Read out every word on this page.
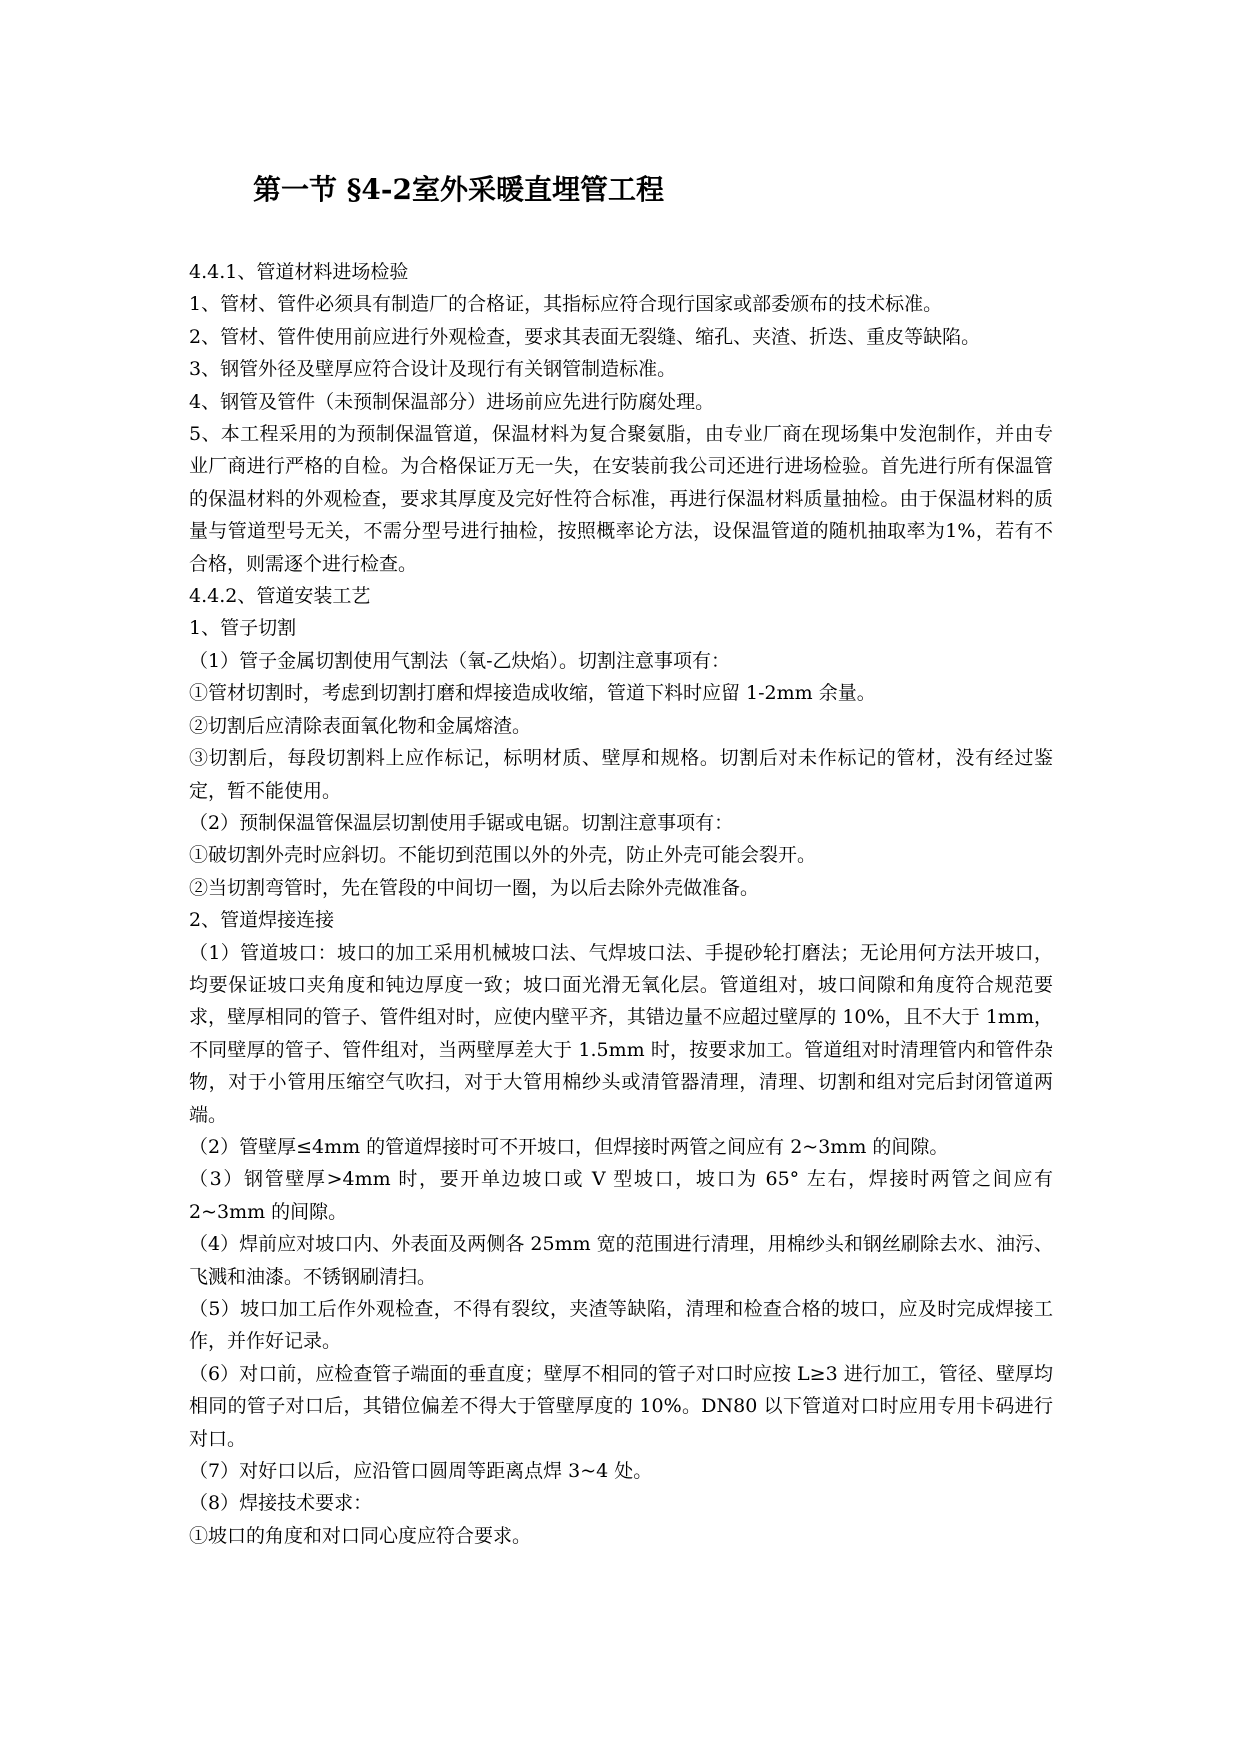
第一节 §4-2室外采暖直埋管工程

4.4.1、管道材料进场检验

1、管材、管件必须具有制造厂的合格证，其指标应符合现行国家或部委颁布的技术标准。

2、管材、管件使用前应进行外观检查，要求其表面无裂缝、缩孔、夹渣、折迭、重皮等缺陷。

3、钢管外径及壁厚应符合设计及现行有关钢管制造标准。

4、钢管及管件（未预制保温部分）进场前应先进行防腐处理。

5、本工程采用的为预制保温管道，保温材料为复合聚氨脂，由专业厂商在现场集中发泡制作，并由专业厂商进行严格的自检。为合格保证万无一失，在安装前我公司还进行进场检验。首先进行所有保温管的保温材料的外观检查，要求其厚度及完好性符合标准，再进行保温材料质量抽检。由于保温材料的质量与管道型号无关，不需分型号进行抽检，按照概率论方法，设保温管道的随机抽取率为1%，若有不合格，则需逐个进行检查。

4.4.2、管道安装工艺

1、管子切割

（1）管子金属切割使用气割法（氧-乙炔焰）。切割注意事项有：

①管材切割时，考虑到切割打磨和焊接造成收缩，管道下料时应留 1-2mm 余量。

②切割后应清除表面氧化物和金属熔渣。

③切割后，每段切割料上应作标记，标明材质、壁厚和规格。切割后对未作标记的管材，没有经过鉴定，暂不能使用。

（2）预制保温管保温层切割使用手锯或电锯。切割注意事项有：

①破切割外壳时应斜切。不能切到范围以外的外壳，防止外壳可能会裂开。

②当切割弯管时，先在管段的中间切一圈，为以后去除外壳做准备。

2、管道焊接连接

（1）管道坡口：坡口的加工采用机械坡口法、气焊坡口法、手提砂轮打磨法；无论用何方法开坡口，均要保证坡口夹角度和钝边厚度一致；坡口面光滑无氧化层。管道组对，坡口间隙和角度符合规范要求，壁厚相同的管子、管件组对时，应使内壁平齐，其错边量不应超过壁厚的 10%，且不大于 1mm，不同壁厚的管子、管件组对，当两壁厚差大于 1.5mm 时，按要求加工。管道组对时清理管内和管件杂物，对于小管用压缩空气吹扫，对于大管用棉纱头或清管器清理，清理、切割和组对完后封闭管道两端。

（2）管壁厚≤4mm 的管道焊接时可不开坡口，但焊接时两管之间应有 2~3mm 的间隙。

（3）钢管壁厚>4mm 时，要开单边坡口或 V 型坡口，坡口为 65° 左右，焊接时两管之间应有 2~3mm 的间隙。

（4）焊前应对坡口内、外表面及两侧各 25mm 宽的范围进行清理，用棉纱头和钢丝刷除去水、油污、飞溅和油漆。不锈钢刷清扫。

（5）坡口加工后作外观检查，不得有裂纹，夹渣等缺陷，清理和检查合格的坡口，应及时完成焊接工作，并作好记录。

（6）对口前，应检查管子端面的垂直度；壁厚不相同的管子对口时应按 L≥3 进行加工，管径、壁厚均相同的管子对口后，其错位偏差不得大于管壁厚度的 10%。DN80 以下管道对口时应用专用卡码进行对口。

（7）对好口以后，应沿管口圆周等距离点焊 3~4 处。

（8）焊接技术要求：

①坡口的角度和对口同心度应符合要求。
